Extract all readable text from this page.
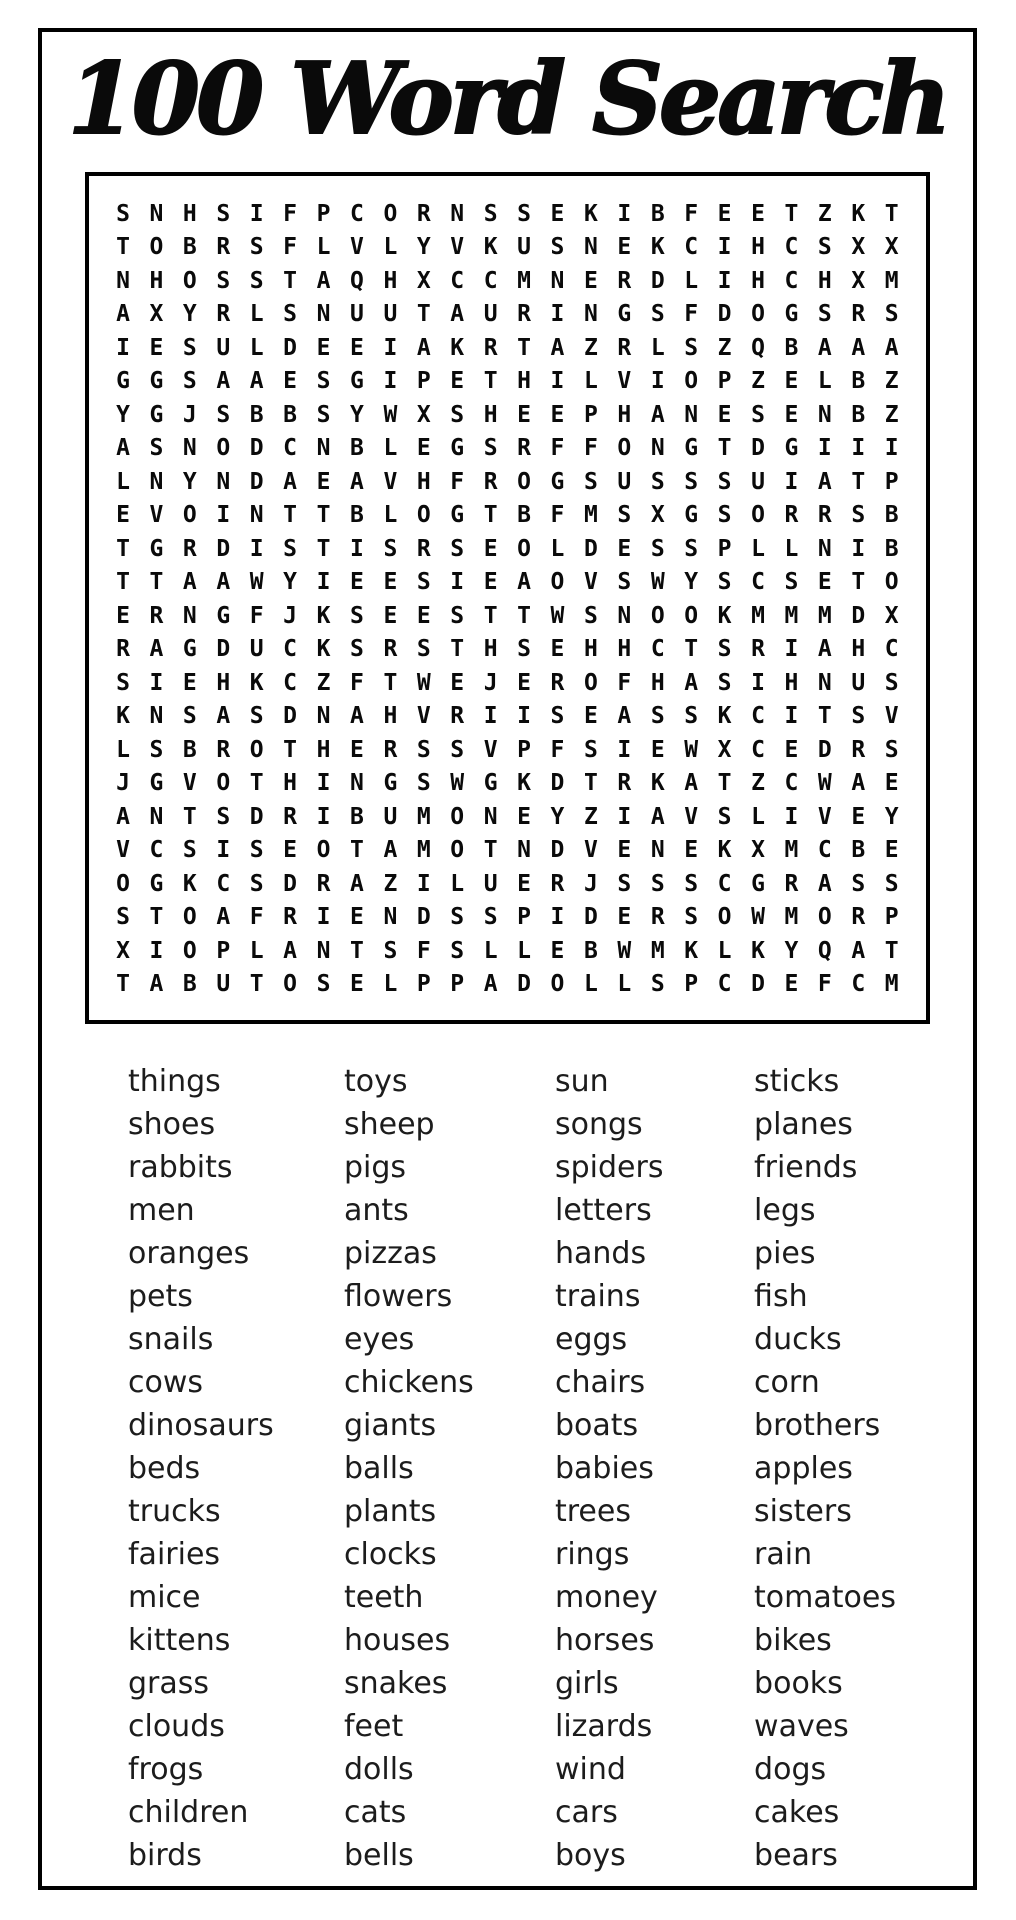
100 Word Search
S N H S I F P C O R N S S E K I B F E E T Z K T
T O B R S F L V L Y V K U S N E K C I H C S X X
N H O S S T A Q H X C C M N E R D L I H C H X M
A X Y R L S N U U T A U R I N G S F D O G S R S
I E S U L D E E I A K R T A Z R L S Z Q B A A A
G G S A A E S G I P E T H I L V I O P Z E L B Z
Y G J S B B S Y W X S H E E P H A N E S E N B Z
A S N O D C N B L E G S R F F O N G T D G I I I
L N Y N D A E A V H F R O G S U S S S U I A T P
E V O I N T T B L O G T B F M S X G S O R R S B
T G R D I S T I S R S E O L D E S S P L L N I B
T T A A W Y I E E S I E A O V S W Y S C S E T O
E R N G F J K S E E S T T W S N O O K M M M D X
R A G D U C K S R S T H S E H H C T S R I A H C
S I E H K C Z F T W E J E R O F H A S I H N U S
K N S A S D N A H V R I I S E A S S K C I T S V
L S B R O T H E R S S V P F S I E W X C E D R S
J G V O T H I N G S W G K D T R K A T Z C W A E
A N T S D R I B U M O N E Y Z I A V S L I V E Y
V C S I S E O T A M O T N D V E N E K X M C B E
O G K C S D R A Z I L U E R J S S S C G R A S S
S T O A F R I E N D S S P I D E R S O W M O R P
X I O P L A N T S F S L L E B W M K L K Y Q A T
T A B U T O S E L P P A D O L L S P C D E F C M
things
shoes
rabbits
men
oranges
pets
snails
cows
dinosaurs
beds
trucks
fairies
mice
kittens
grass
clouds
frogs
children
birds
toys
sheep
pigs
ants
pizzas
flowers
eyes
chickens
giants
balls
plants
clocks
teeth
houses
snakes
feet
dolls
cats
bells
sun
songs
spiders
letters
hands
trains
eggs
chairs
boats
babies
trees
rings
money
horses
girls
lizards
wind
cars
boys
sticks
planes
friends
legs
pies
fish
ducks
corn
brothers
apples
sisters
rain
tomatoes
bikes
books
waves
dogs
cakes
bears
